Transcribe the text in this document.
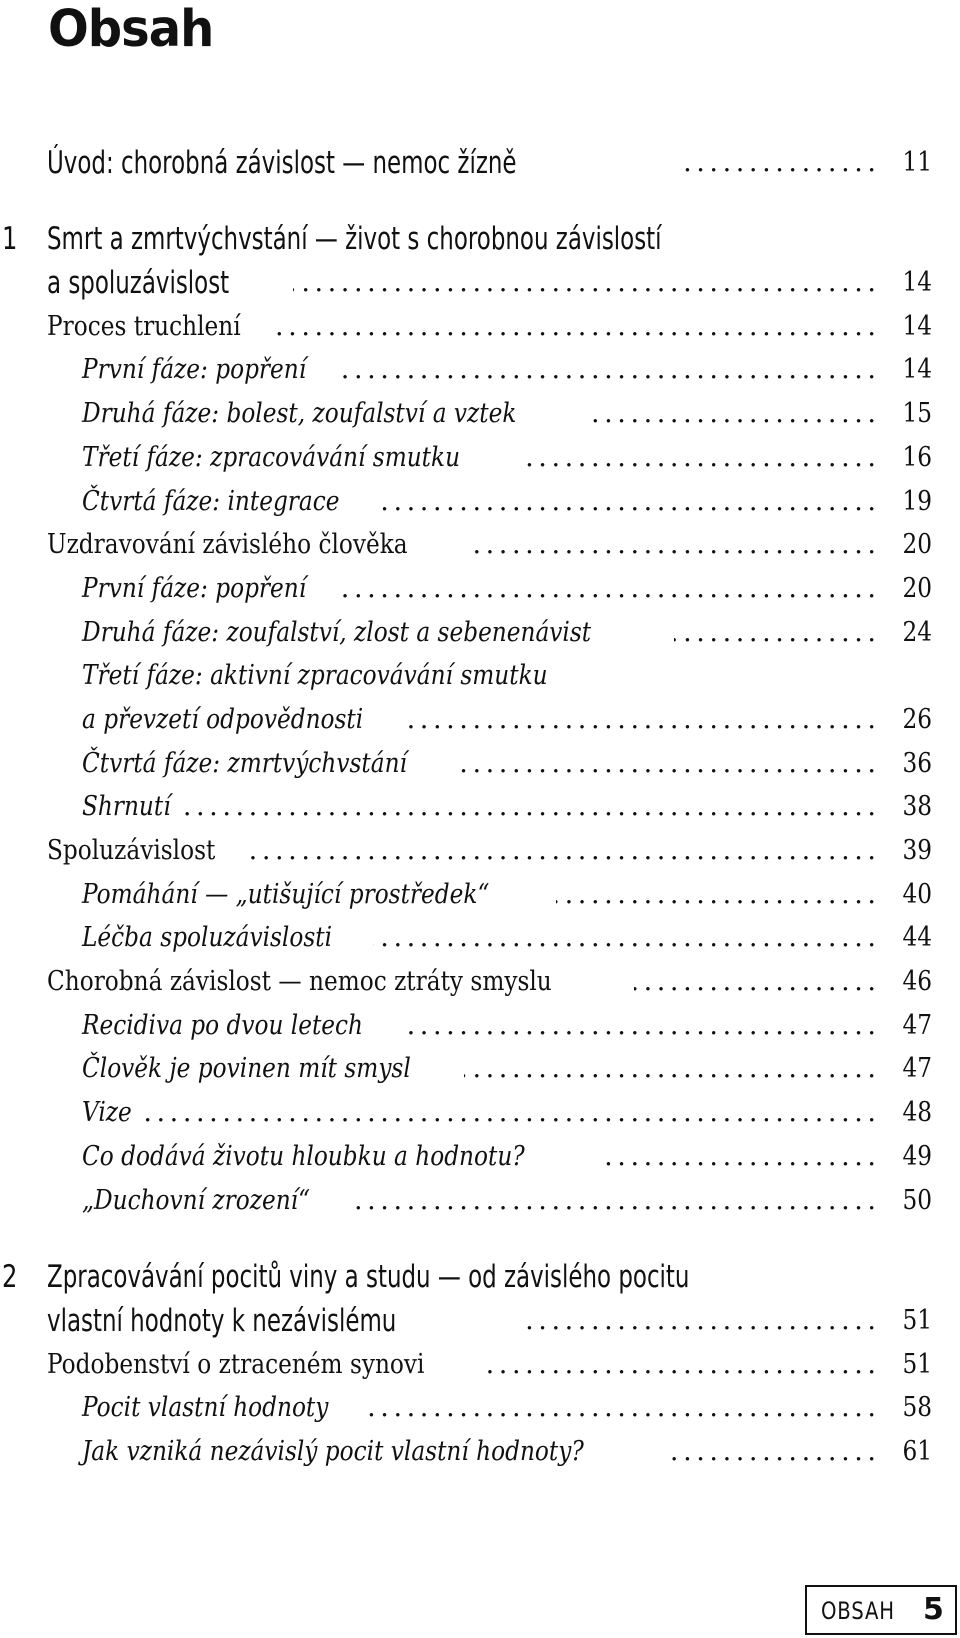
Obsah
Úvod: chorobná závislost — nemoc žízně . . .	11
1 Smrt a zmrtvýchvstání — život s chorobnou závislostí
a spoluzávislost . . .	14
Proces truchlení . . .	14
První fáze: popření . . .	14
Druhá fáze: bolest, zoufalství a vztek . . .	15
Třetí fáze: zpracovávání smutku . . .	16
Čtvrtá fáze: integrace . . .	19
Uzdravování závislého člověka . . .	20
První fáze: popření . . .	20
Druhá fáze: zoufalství, zlost a sebenenávist . . .	24
Třetí fáze: aktivní zpracovávání smutku
a převzetí odpovědnosti . . .	26
Čtvrtá fáze: zmrtvýchvstání . . .	36
Shrnutí . . .	38
Spoluzávislost . . .	39
Pomáhání — „utišující prostředek“ . . .	40
Léčba spoluzávislosti . . .	44
Chorobná závislost — nemoc ztráty smyslu . . .	46
Recidiva po dvou letech . . .	47
Člověk je povinen mít smysl . . .	47
Vize . . .	48
Co dodává životu hloubku a hodnotu? . . .	49
„Duchovní zrození“ . . .	50
2 Zpracovávání pocitů viny a studu — od závislého pocitu
vlastní hodnoty k nezávislému . . .	51
Podobenství o ztraceném synovi . . .	51
Pocit vlastní hodnoty . . .	58
Jak vzniká nezávislý pocit vlastní hodnoty? . . .	61
OBSAH 5
